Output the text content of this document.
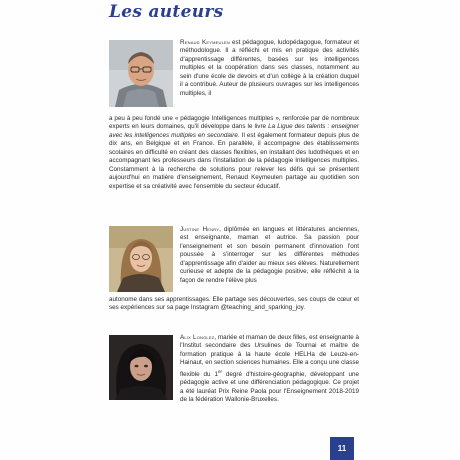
Les auteurs
Renaud Keymeulen est pédagogue, ludopédagogue, formateur et méthodologue. Il a réfléchi et mis en pratique des activités d'apprentissage différentes, basées sur les intelligences multiples et la coopération dans ses classes, notamment au sein d'une école de devoirs et d'un collège à la création duquel il a contribué. Auteur de plusieurs ouvrages sur les intelligences multiples, il
a peu à peu fondé une « pédagogie Intelligences multiples », renforcée par de nombreux experts en leurs domaines, qu'il développe dans le livre La Ligue des talents : enseigner avec les intelligences multiples en secondaire. Il est également formateur depuis plus de dix ans, en Belgique et en France. En parallèle, il accompagne des établissements scolaires en difficulté en créant des classes flexibles, en installant des ludothèques et en accompagnant les professeurs dans l'installation de la pédagogie Intelligences multiples. Constamment à la recherche de solutions pour relever les défis qui se présentent aujourd'hui en matière d'enseignement, Renaud Keymeulen partage au quotidien son expertise et sa créativité avec l'ensemble du secteur éducatif.
Justine Henry, diplômée en langues et littératures anciennes, est enseignante, maman et autrice. Sa passion pour l'enseignement et son besoin permanent d'innovation l'ont poussée à s'interroger sur les différentes méthodes d'apprentissage afin d'aider au mieux ses élèves. Naturellement curieuse et adepte de la pédagogie positive, elle réfléchit à la façon de rendre l'élève plus
autonome dans ses apprentissages. Elle partage ses découvertes, ses coups de cœur et ses expériences sur sa page Instagram @teaching_and_sparking_joy.
Alix Longlez, mariée et maman de deux filles, est enseignante à l'Institut secondaire des Ursulines de Tournai et maître de formation pratique à la haute école HELHa de Leuze-en-Hainaut, en section sciences humaines. Elle a conçu une classe flexible du 1er degré d'histoire-géographie, développant une pédagogie active et une différenciation pédagogique. Ce projet a été lauréat Prix Reine Paola pour l'Enseignement 2018-2019 de la fédération Wallonie-Bruxelles.
11
